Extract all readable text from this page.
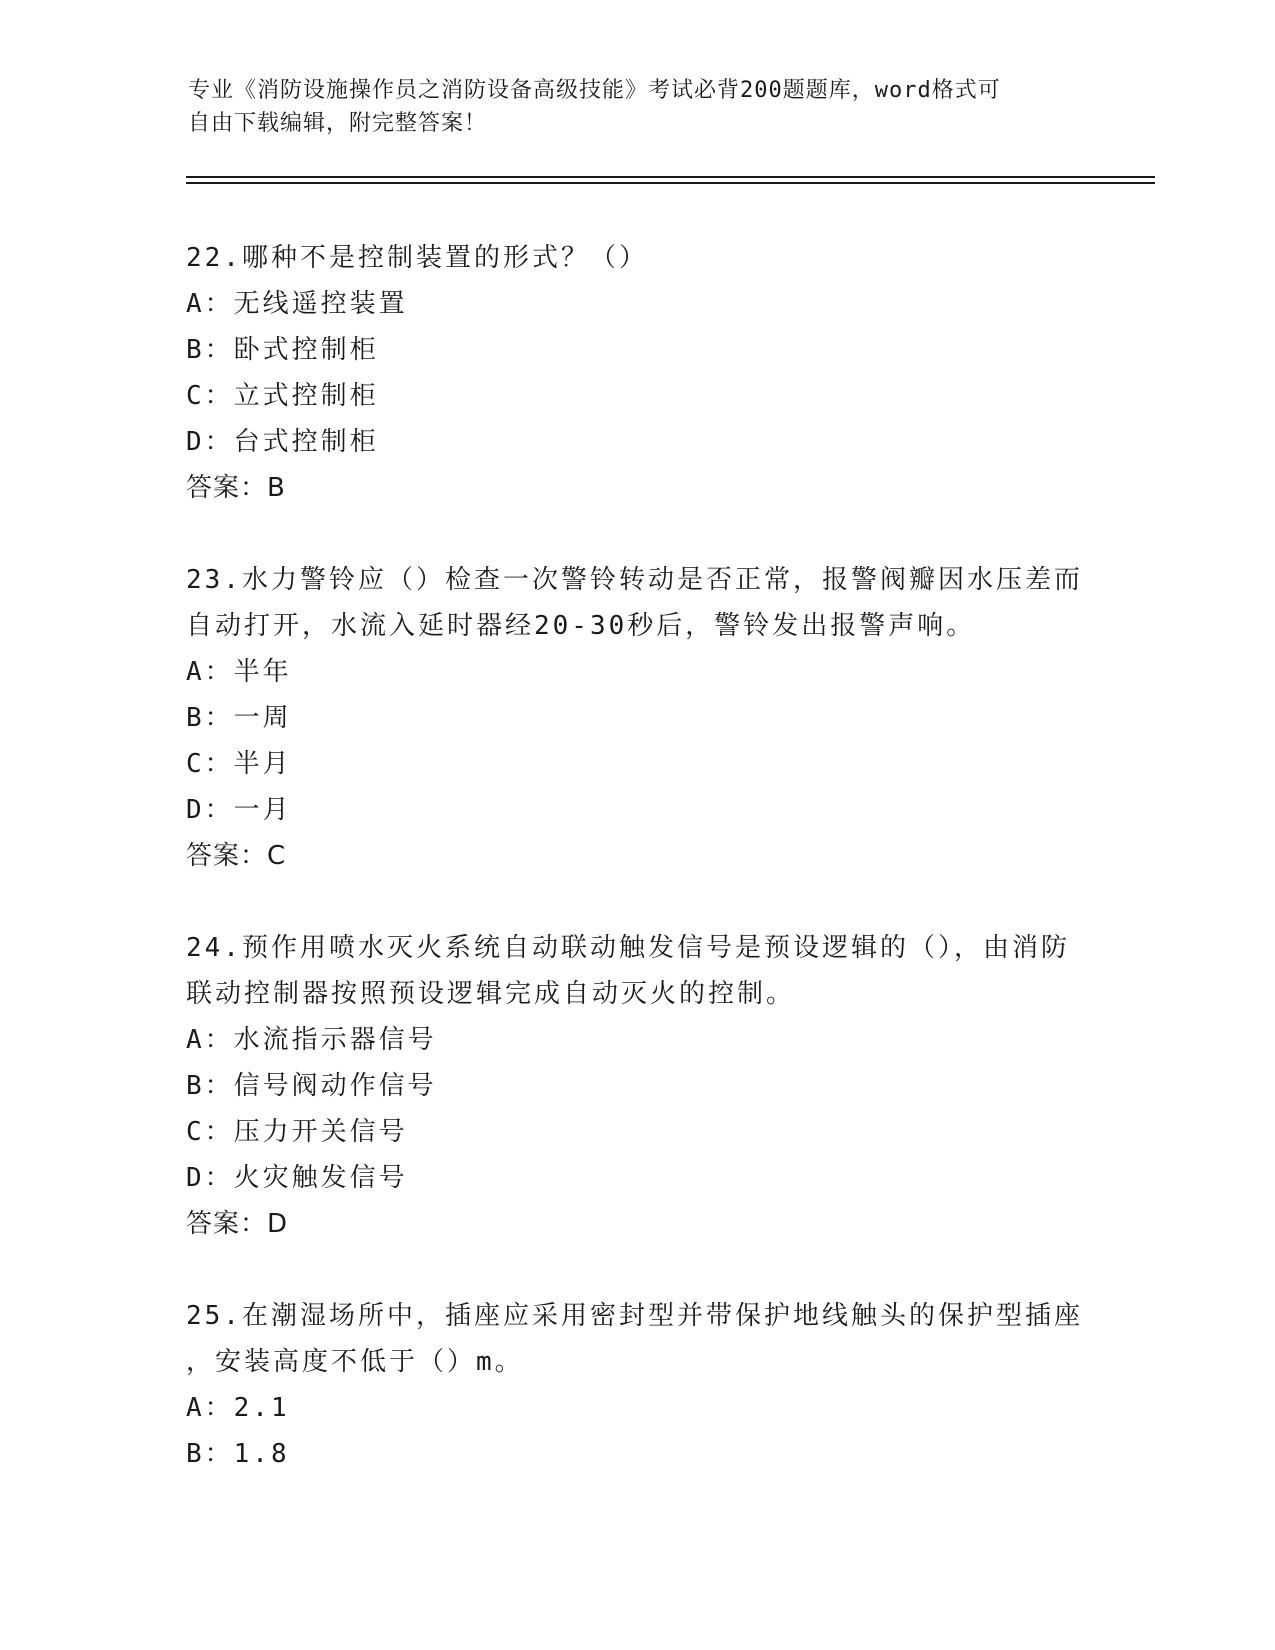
专业《消防设施操作员之消防设备高级技能》考试必背200题题库，word格式可
自由下载编辑，附完整答案！
22.哪种不是控制装置的形式？（）
A：无线遥控装置
B：卧式控制柜
C：立式控制柜
D：台式控制柜
答案：B
23.水力警铃应（）检查一次警铃转动是否正常，报警阀瓣因水压差而
自动打开，水流入延时器经20-30秒后，警铃发出报警声响。
A：半年
B：一周
C：半月
D：一月
答案：C
24.预作用喷水灭火系统自动联动触发信号是预设逻辑的（），由消防
联动控制器按照预设逻辑完成自动灭火的控制。
A：水流指示器信号
B：信号阀动作信号
C：压力开关信号
D：火灾触发信号
答案：D
25.在潮湿场所中，插座应采用密封型并带保护地线触头的保护型插座
，安装高度不低于（）m。
A：2.1
B：1.8
